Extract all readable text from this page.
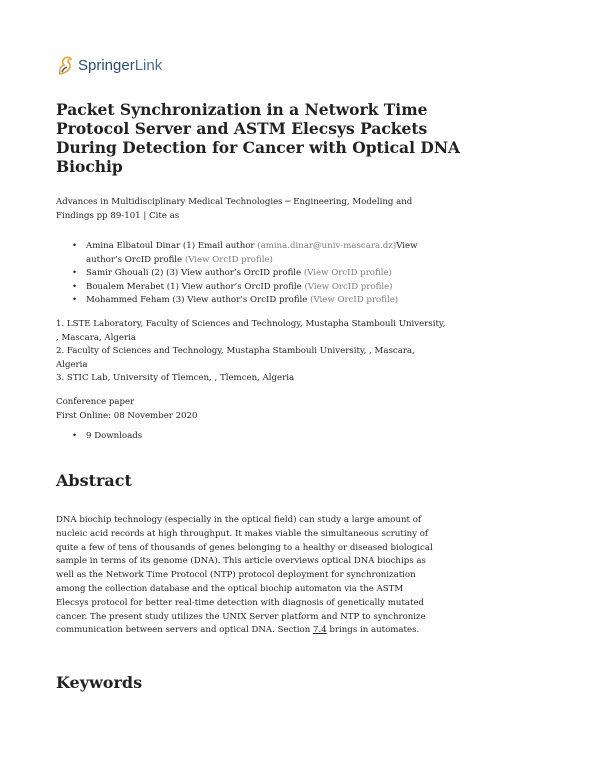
SpringerLink
Packet Synchronization in a Network Time Protocol Server and ASTM Elecsys Packets During Detection for Cancer with Optical DNA Biochip
Advances in Multidisciplinary Medical Technologies ─ Engineering, Modeling and Findings pp 89-101 | Cite as
• Amina Elbatoul Dinar (1) Email author (amina.dinar@univ-mascara.dz)View author’s OrcID profile (View OrcID profile)
• Samir Ghouali (2) (3) View author’s OrcID profile (View OrcID profile)
• Boualem Merabet (1) View author’s OrcID profile (View OrcID profile)
• Mohammed Feham (3) View author’s OrcID profile (View OrcID profile)
1. LSTE Laboratory, Faculty of Sciences and Technology, Mustapha Stambouli University, , Mascara, Algeria
2. Faculty of Sciences and Technology, Mustapha Stambouli University, , Mascara, Algeria
3. STIC Lab, University of Tlemcen, , Tlemcen, Algeria
Conference paper
First Online: 08 November 2020
• 9 Downloads
Abstract
DNA biochip technology (especially in the optical field) can study a large amount of nucleic acid records at high throughput. It makes viable the simultaneous scrutiny of quite a few of tens of thousands of genes belonging to a healthy or diseased biological sample in terms of its genome (DNA). This article overviews optical DNA biochips as well as the Network Time Protocol (NTP) protocol deployment for synchronization among the collection database and the optical biochip automaton via the ASTM Elecsys protocol for better real-time detection with diagnosis of genetically mutated cancer. The present study utilizes the UNIX Server platform and NTP to synchronize communication between servers and optical DNA. Section 7.4 brings in automates.
Keywords
